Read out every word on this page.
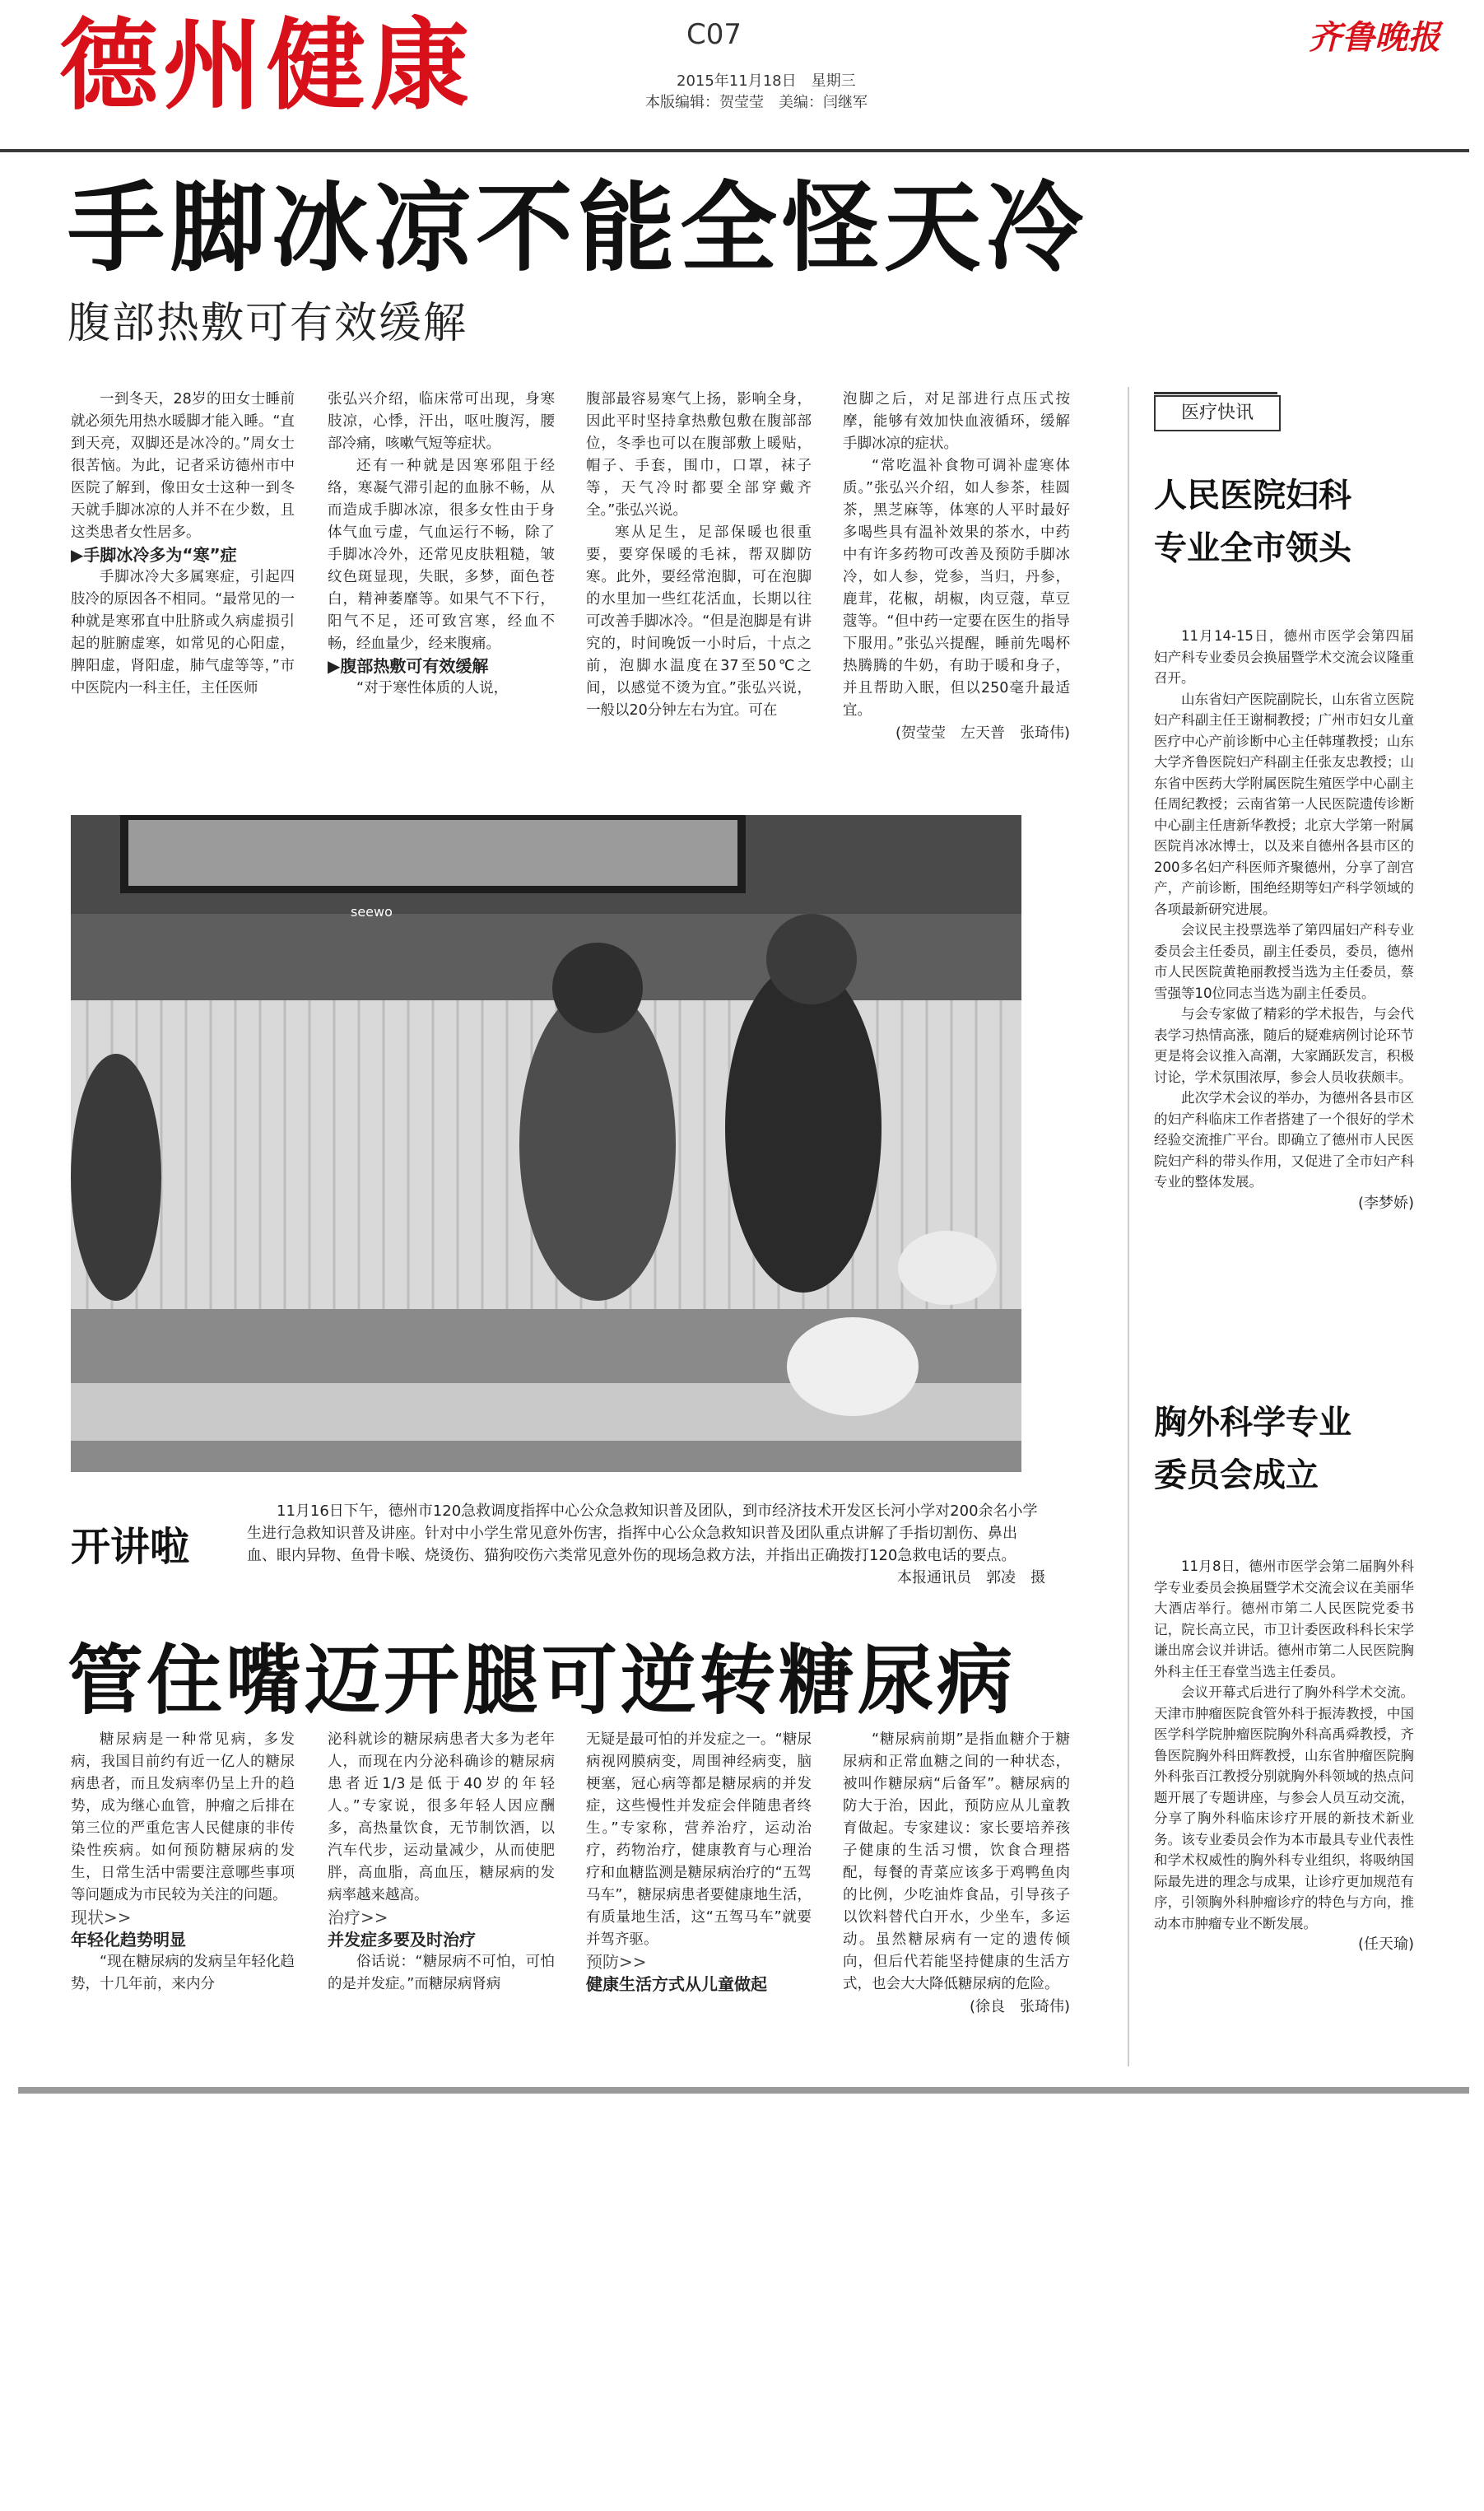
德州健康	C07
2015年11月18日　星期三
本版编辑：贺莹莹　美编：闫继军
齐鲁晚报
手脚冰凉不能全怪天冷
腹部热敷可有效缓解

一到冬天，28岁的田女士睡前就必须先用热水暖脚才能入睡。“直到天亮，双脚还是冰冷的。”周女士很苦恼。为此，记者采访德州市中医院了解到，像田女士这种一到冬天就手脚冰凉的人并不在少数，且这类患者女性居多。

▶手脚冰冷多为“寒”症

手脚冰冷大多属寒症，引起四肢冷的原因各不相同。“最常见的一种就是寒邪直中肚脐或久病虚损引起的脏腑虚寒，如常见的心阳虚，脾阳虚，肾阳虚，肺气虚等等，”市中医院内一科主任，主任医师

张弘兴介绍，临床常可出现，身寒肢凉，心悸，汗出，呕吐腹泻，腰部冷痛，咳嗽气短等症状。

还有一种就是因寒邪阻于经络，寒凝气滞引起的血脉不畅，从而造成手脚冰凉，很多女性由于身体气血亏虚，气血运行不畅，除了手脚冰冷外，还常见皮肤粗糙，皱纹色斑显现，失眠，多梦，面色苍白，精神萎靡等。如果气不下行，阳气不足，还可致宫寒，经血不畅，经血量少，经来腹痛。

▶腹部热敷可有效缓解

“对于寒性体质的人说，

腹部最容易寒气上扬，影响全身，因此平时坚持拿热敷包敷在腹部部位，冬季也可以在腹部敷上暖贴，帽子、手套，围巾，口罩，袜子等，天气冷时都要全部穿戴齐全。”张弘兴说。

寒从足生，足部保暖也很重要，要穿保暖的毛袜，帮双脚防寒。此外，要经常泡脚，可在泡脚的水里加一些红花活血，长期以往可改善手脚冰冷。“但是泡脚是有讲究的，时间晚饭一小时后，十点之前，泡脚水温度在37至50℃之间，以感觉不烫为宜。”张弘兴说，一般以20分钟左右为宜。可在

泡脚之后，对足部进行点压式按摩，能够有效加快血液循环，缓解手脚冰凉的症状。

“常吃温补食物可调补虚寒体质。”张弘兴介绍，如人参茶，桂圆茶，黑芝麻等，体寒的人平时最好多喝些具有温补效果的茶水，中药中有许多药物可改善及预防手脚冰冷，如人参，党参，当归，丹参，鹿茸，花椒，胡椒，肉豆蔻，草豆蔻等。“但中药一定要在医生的指导下服用。”张弘兴提醒，睡前先喝杯热腾腾的牛奶，有助于暖和身子，并且帮助入眠，但以250毫升最适宜。

(贺莹莹　左天普　张琦伟)
seewo
开讲啦
11月16日下午，德州市120急救调度指挥中心公众急救知识普及团队，到市经济技术开发区长河小学对200余名小学生进行急救知识普及讲座。针对中小学生常见意外伤害，指挥中心公众急救知识普及团队重点讲解了手指切割伤、鼻出血、眼内异物、鱼骨卡喉、烧烫伤、猫狗咬伤六类常见意外伤的现场急救方法，并指出正确拨打120急救电话的要点。
本报通讯员　郭凌　摄
管住嘴迈开腿可逆转糖尿病

糖尿病是一种常见病，多发病，我国目前约有近一亿人的糖尿病患者，而且发病率仍呈上升的趋势，成为继心血管，肿瘤之后排在第三位的严重危害人民健康的非传染性疾病。如何预防糖尿病的发生，日常生活中需要注意哪些事项等问题成为市民较为关注的问题。

现状>>

年轻化趋势明显

“现在糖尿病的发病呈年轻化趋势，十几年前，来内分

泌科就诊的糖尿病患者大多为老年人，而现在内分泌科确诊的糖尿病患者近1/3是低于40岁的年轻人。”专家说，很多年轻人因应酬多，高热量饮食，无节制饮酒，以汽车代步，运动量减少，从而使肥胖，高血脂，高血压，糖尿病的发病率越来越高。

治疗>>

并发症多要及时治疗

俗话说：“糖尿病不可怕，可怕的是并发症。”而糖尿病肾病

无疑是最可怕的并发症之一。“糖尿病视网膜病变，周围神经病变，脑梗塞，冠心病等都是糖尿病的并发症，这些慢性并发症会伴随患者终生。”专家称，营养治疗，运动治疗，药物治疗，健康教育与心理治疗和血糖监测是糖尿病治疗的“五驾马车”，糖尿病患者要健康地生活，有质量地生活，这“五驾马车”就要并驾齐驱。

预防>>

健康生活方式从儿童做起

“糖尿病前期”是指血糖介于糖尿病和正常血糖之间的一种状态，被叫作糖尿病“后备军”。糖尿病的防大于治，因此，预防应从儿童教育做起。专家建议：家长要培养孩子健康的生活习惯，饮食合理搭配，每餐的青菜应该多于鸡鸭鱼肉的比例，少吃油炸食品，引导孩子以饮料替代白开水，少坐车，多运动。虽然糖尿病有一定的遗传倾向，但后代若能坚持健康的生活方式，也会大大降低糖尿病的危险。

(徐良　张琦伟)
医疗快讯
人民医院妇科
专业全市领头

11月14-15日，德州市医学会第四届妇产科专业委员会换届暨学术交流会议隆重召开。

山东省妇产医院副院长，山东省立医院妇产科副主任王谢桐教授；广州市妇女儿童医疗中心产前诊断中心主任韩瑾教授；山东大学齐鲁医院妇产科副主任张友忠教授；山东省中医药大学附属医院生殖医学中心副主任周纪教授；云南省第一人民医院遗传诊断中心副主任唐新华教授；北京大学第一附属医院肖冰冰博士，以及来自德州各县市区的200多名妇产科医师齐聚德州，分享了剖宫产，产前诊断，围绝经期等妇产科学领域的各项最新研究进展。

会议民主投票选举了第四届妇产科专业委员会主任委员，副主任委员，委员，德州市人民医院黄艳丽教授当选为主任委员，蔡雪强等10位同志当选为副主任委员。

与会专家做了精彩的学术报告，与会代表学习热情高涨，随后的疑难病例讨论环节更是将会议推入高潮，大家踊跃发言，积极讨论，学术氛围浓厚，参会人员收获颇丰。

此次学术会议的举办，为德州各县市区的妇产科临床工作者搭建了一个很好的学术经验交流推广平台。即确立了德州市人民医院妇产科的带头作用，又促进了全市妇产科专业的整体发展。

(李梦娇)
胸外科学专业
委员会成立

11月8日，德州市医学会第二届胸外科学专业委员会换届暨学术交流会议在美丽华大酒店举行。德州市第二人民医院党委书记，院长高立民，市卫计委医政科科长宋学谦出席会议并讲话。德州市第二人民医院胸外科主任王春堂当选主任委员。

会议开幕式后进行了胸外科学术交流。天津市肿瘤医院食管外科于振涛教授，中国医学科学院肿瘤医院胸外科高禹舜教授，齐鲁医院胸外科田辉教授，山东省肿瘤医院胸外科张百江教授分别就胸外科领域的热点问题开展了专题讲座，与参会人员互动交流，分享了胸外科临床诊疗开展的新技术新业务。该专业委员会作为本市最具专业代表性和学术权威性的胸外科专业组织，将吸纳国际最先进的理念与成果，让诊疗更加规范有序，引领胸外科肿瘤诊疗的特色与方向，推动本市肿瘤专业不断发展。

(任天瑜)
